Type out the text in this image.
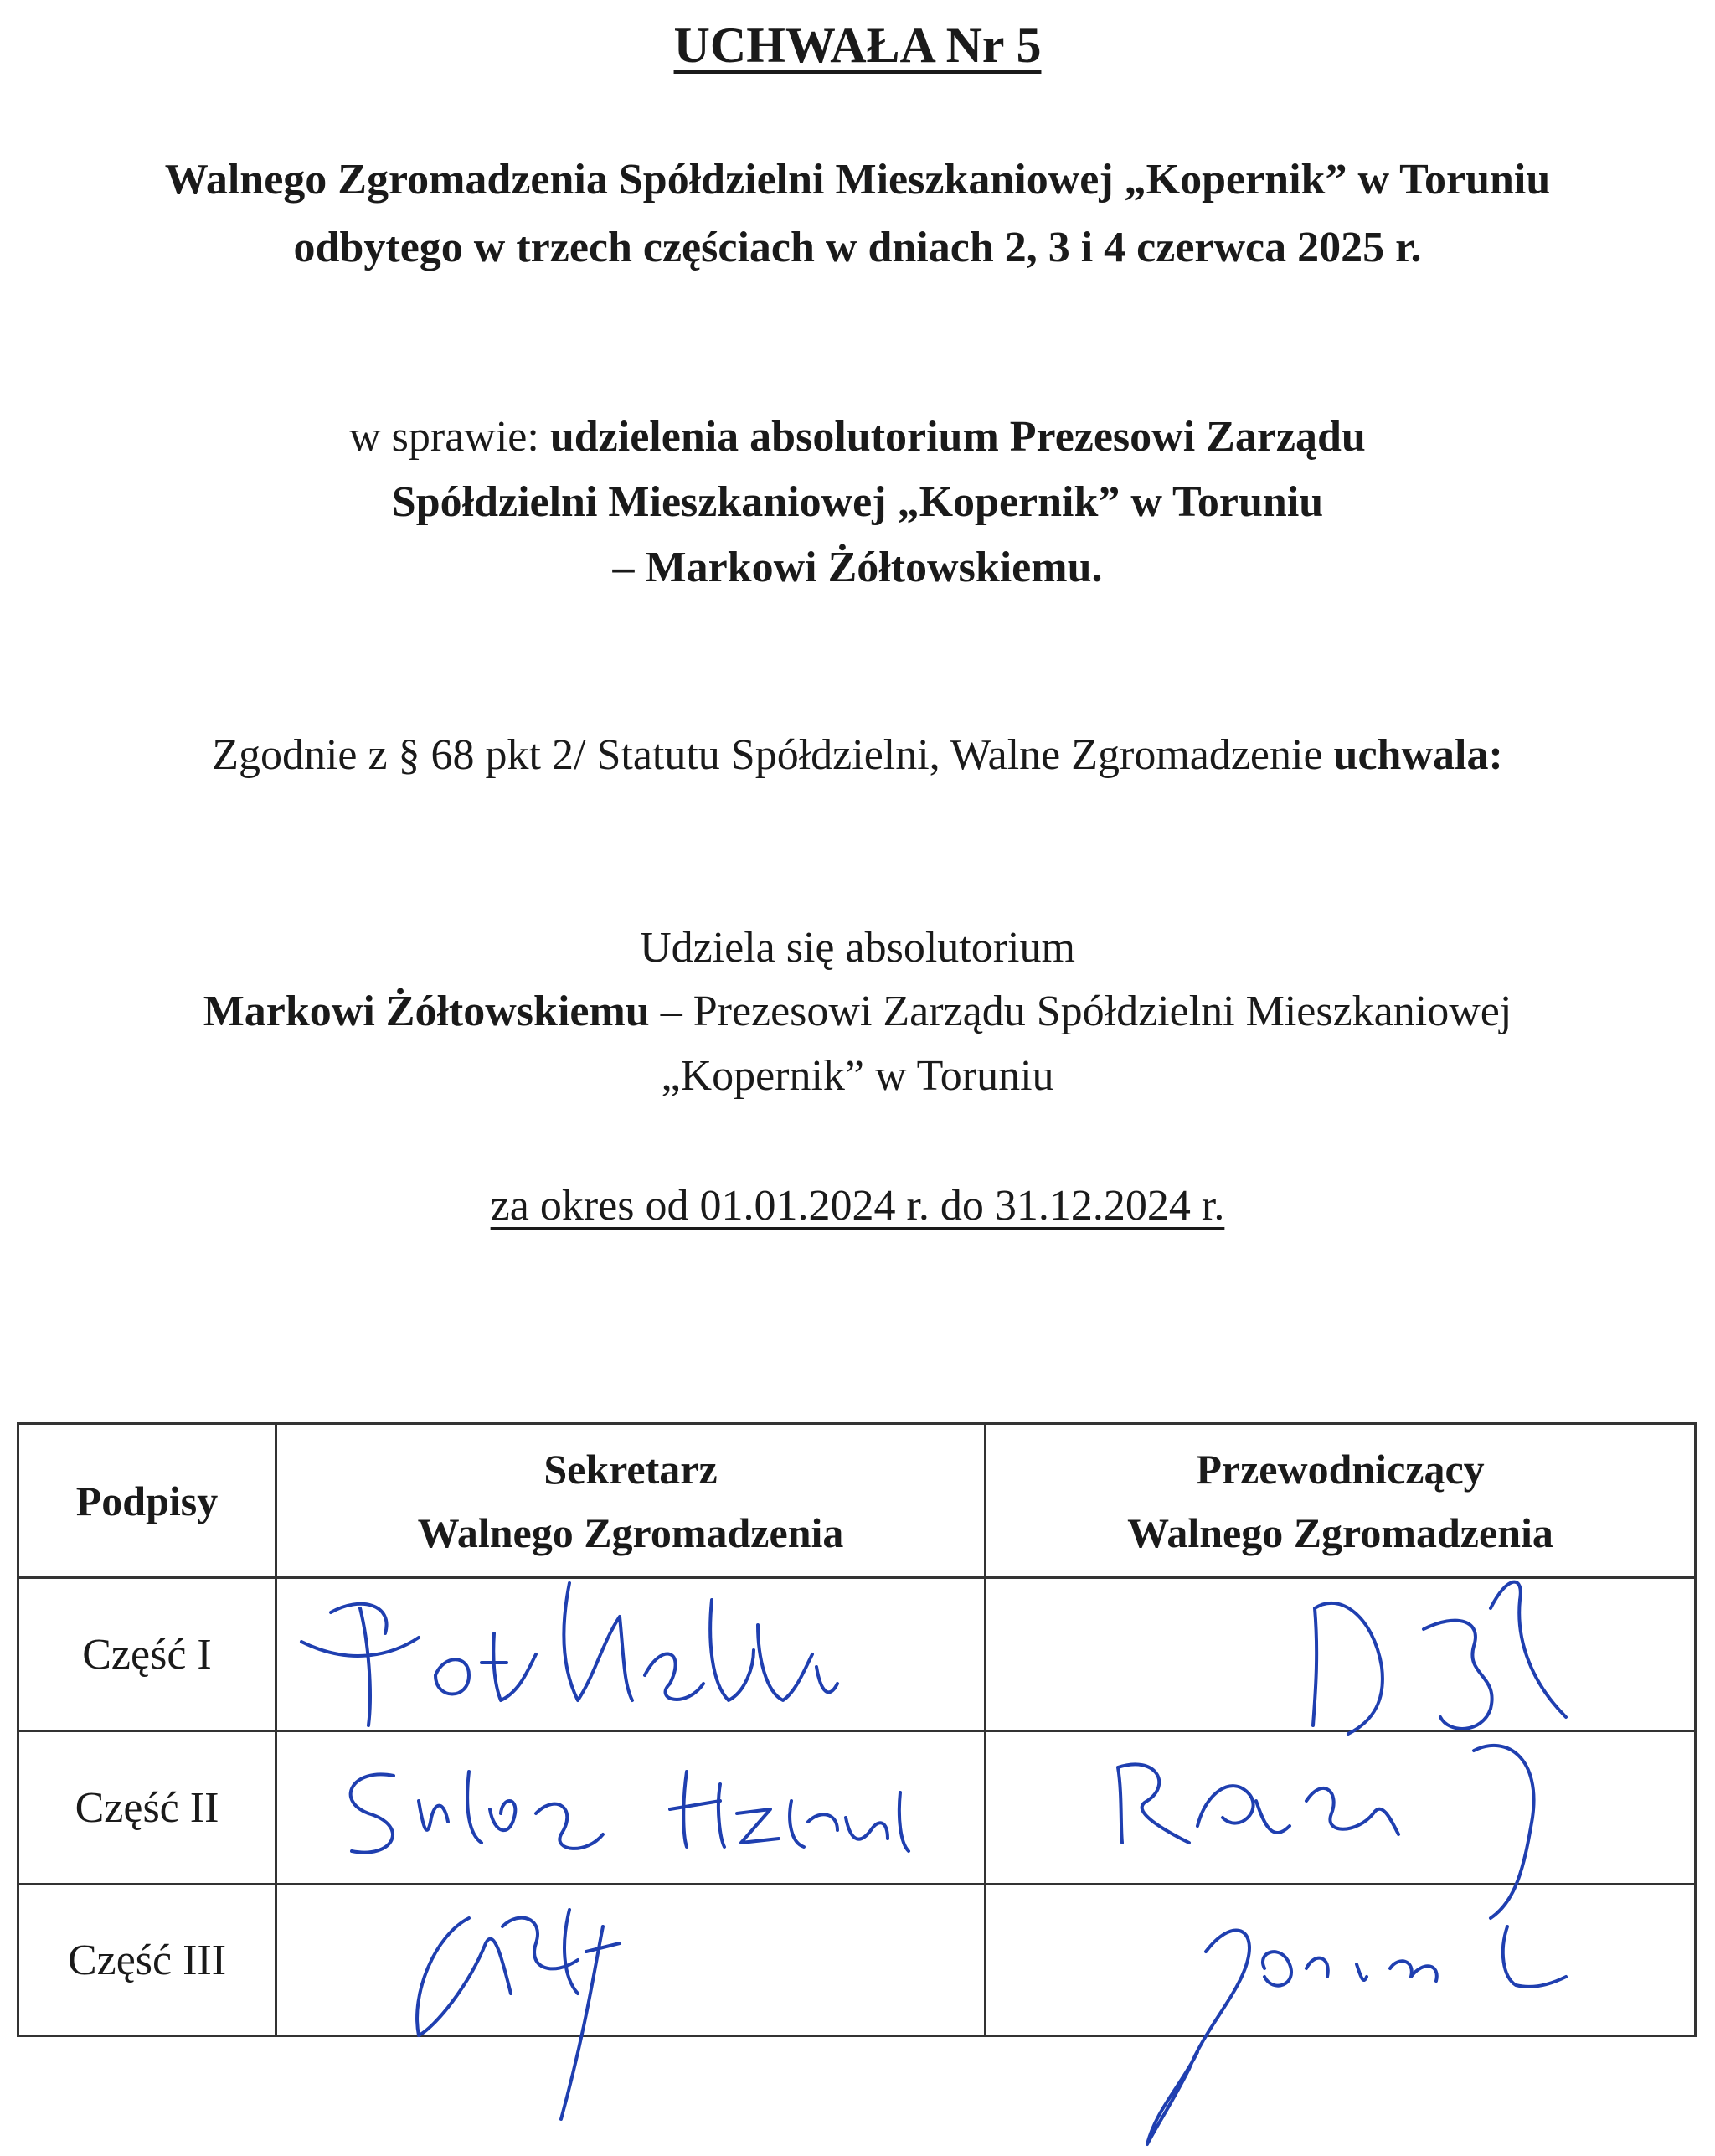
UCHWAŁA Nr 5
Walnego Zgromadzenia Spółdzielni Mieszkaniowej „Kopernik” w Toruniu
odbytego w trzech częściach w dniach 2, 3 i 4 czerwca 2025 r.
w sprawie: udzielenia absolutorium Prezesowi Zarządu
Spółdzielni Mieszkaniowej „Kopernik” w Toruniu
– Markowi Żółtowskiemu.
Zgodnie z § 68 pkt 2/ Statutu Spółdzielni, Walne Zgromadzenie uchwala:
Udziela się absolutorium
Markowi Żółtowskiemu – Prezesowi Zarządu Spółdzielni Mieszkaniowej
„Kopernik” w Toruniu
za okres od 01.01.2024 r. do 31.12.2024 r.
Podpisy
Sekretarz
Walnego Zgromadzenia
Przewodniczący
Walnego Zgromadzenia
Część I
Część II
Część III
